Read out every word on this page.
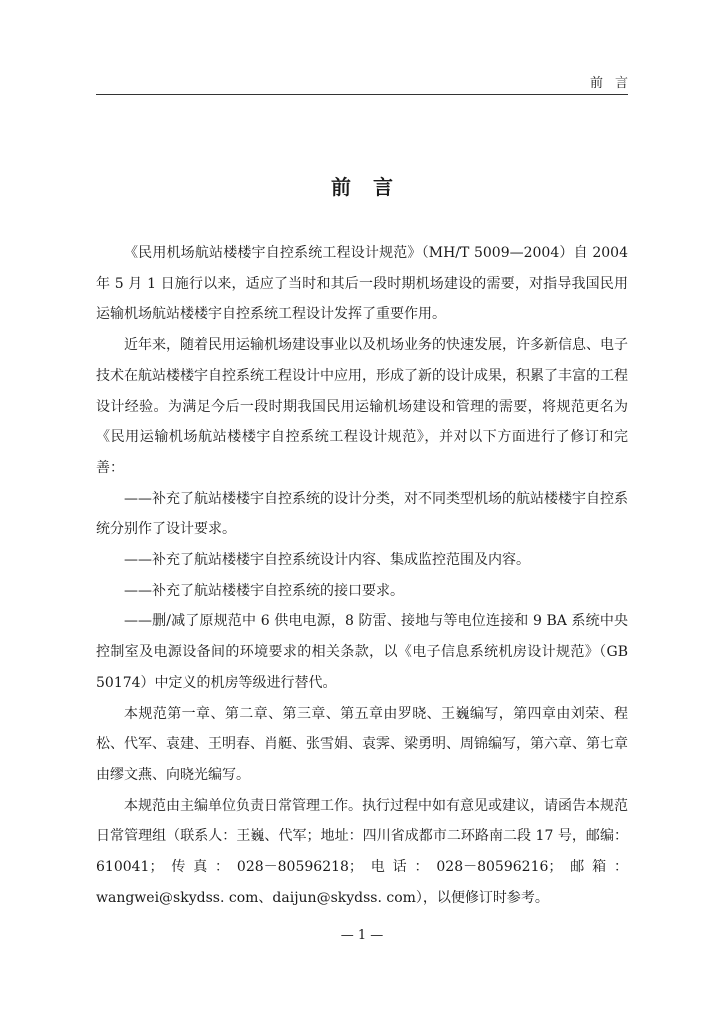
前言
前言

《民用机场航站楼楼宇自控系统工程设计规范》（MH/T 5009—2004）自 2004 年 5 月 1 日施行以来，适应了当时和其后一段时期机场建设的需要，对指导我国民用运输机场航站楼楼宇自控系统工程设计发挥了重要作用。

近年来，随着民用运输机场建设事业以及机场业务的快速发展，许多新信息、电子技术在航站楼楼宇自控系统工程设计中应用，形成了新的设计成果，积累了丰富的工程设计经验。为满足今后一段时期我国民用运输机场建设和管理的需要，将规范更名为《民用运输机场航站楼楼宇自控系统工程设计规范》，并对以下方面进行了修订和完善：

——补充了航站楼楼宇自控系统的设计分类，对不同类型机场的航站楼楼宇自控系统分别作了设计要求。

——补充了航站楼楼宇自控系统设计内容、集成监控范围及内容。

——补充了航站楼楼宇自控系统的接口要求。

——删/减了原规范中 6 供电电源，8 防雷、接地与等电位连接和 9 BA 系统中央控制室及电源设备间的环境要求的相关条款，以《电子信息系统机房设计规范》（GB 50174）中定义的机房等级进行替代。

本规范第一章、第二章、第三章、第五章由罗晓、王巍编写，第四章由刘荣、程松、代军、袁建、王明春、肖艇、张雪娟、袁霁、梁勇明、周锦编写，第六章、第七章由缪文燕、向晓光编写。

本规范由主编单位负责日常管理工作。执行过程中如有意见或建议，请函告本规范日常管理组（联系人：王巍、代军；地址：四川省成都市二环路南二段 17 号，邮编：610041；传真：028－80596218；电话：028－80596216；邮箱：wangwei@skydss. com、daijun@skydss. com），以便修订时参考。

— 1 —
